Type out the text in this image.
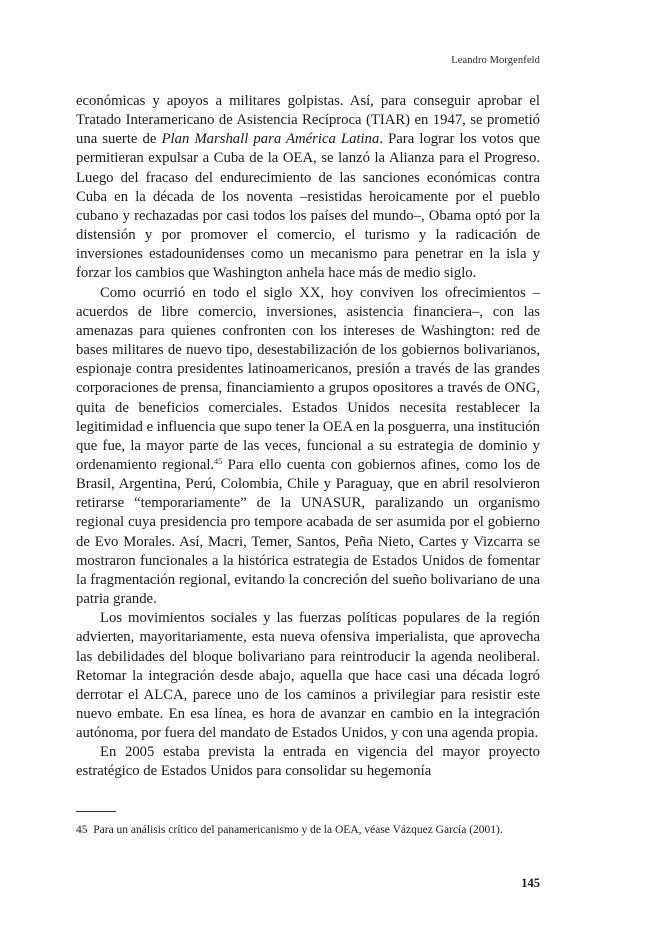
Leandro Morgenfeld

económicas y apoyos a militares golpistas. Así, para conseguir aprobar el Tratado Interamericano de Asistencia Recíproca (TIAR) en 1947, se prometió una suerte de Plan Marshall para América Latina. Para lograr los votos que permitieran expulsar a Cuba de la OEA, se lanzó la Alianza para el Progreso. Luego del fracaso del endurecimiento de las sanciones económicas contra Cuba en la década de los noventa –resistidas heroicamente por el pueblo cubano y rechazadas por casi todos los países del mundo–, Obama optó por la distensión y por promover el comercio, el turismo y la radicación de inversiones estadounidenses como un mecanismo para penetrar en la isla y forzar los cambios que Washington anhela hace más de medio siglo.

Como ocurrió en todo el siglo XX, hoy conviven los ofrecimientos –acuerdos de libre comercio, inversiones, asistencia financiera–, con las amenazas para quienes confronten con los intereses de Washington: red de bases militares de nuevo tipo, desestabilización de los gobiernos bolivarianos, espionaje contra presidentes latinoamericanos, presión a través de las grandes corporaciones de prensa, financiamiento a grupos opositores a través de ONG, quita de beneficios comerciales. Estados Unidos necesita restablecer la legitimidad e influencia que supo tener la OEA en la posguerra, una institución que fue, la mayor parte de las veces, funcional a su estrategia de dominio y ordenamiento regional.$^{45}$ Para ello cuenta con gobiernos afines, como los de Brasil, Argentina, Perú, Colombia, Chile y Paraguay, que en abril resolvieron retirarse “temporariamente” de la UNASUR, paralizando un organismo regional cuya presidencia pro tempore acabada de ser asumida por el gobierno de Evo Morales. Así, Macri, Temer, Santos, Peña Nieto, Cartes y Vizcarra se mostraron funcionales a la histórica estrategia de Estados Unidos de fomentar la fragmentación regional, evitando la concreción del sueño bolivariano de una patria grande.

Los movimientos sociales y las fuerzas políticas populares de la región advierten, mayoritariamente, esta nueva ofensiva imperialista, que aprovecha las debilidades del bloque bolivariano para reintroducir la agenda neoliberal. Retomar la integración desde abajo, aquella que hace casi una década logró derrotar el ALCA, parece uno de los caminos a privilegiar para resistir este nuevo embate. En esa línea, es hora de avanzar en cambio en la integración autónoma, por fuera del mandato de Estados Unidos, y con una agenda propia.

En 2005 estaba prevista la entrada en vigencia del mayor proyecto estratégico de Estados Unidos para consolidar su hegemonía

45 Para un análisis crítico del panamericanismo y de la OEA, véase Vázquez García (2001).

145
